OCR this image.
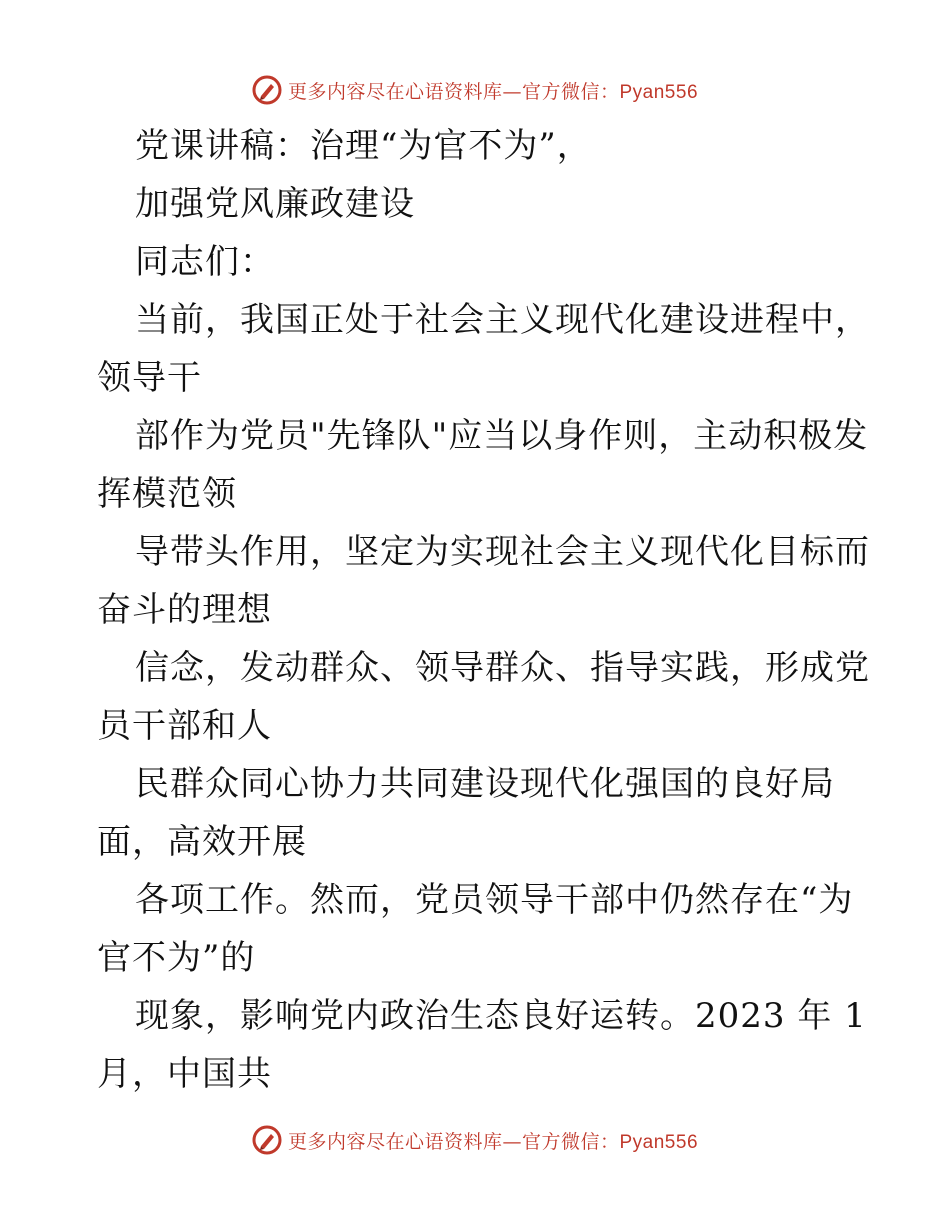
更多内容尽在心语资料库—官方微信：Pyan556
党课讲稿：治理“为官不为”，
加强党风廉政建设
同志们：
当前，我国正处于社会主义现代化建设进程中，
领导干
部作为党员"先锋队"应当以身作则，主动积极发
挥模范领
导带头作用，坚定为实现社会主义现代化目标而
奋斗的理想
信念，发动群众、领导群众、指导实践，形成党
员干部和人
民群众同心协力共同建设现代化强国的良好局
面，高效开展
各项工作。然而，党员领导干部中仍然存在“为
官不为”的
现象，影响党内政治生态良好运转。2023 年 1
月，中国共
更多内容尽在心语资料库—官方微信：Pyan556
